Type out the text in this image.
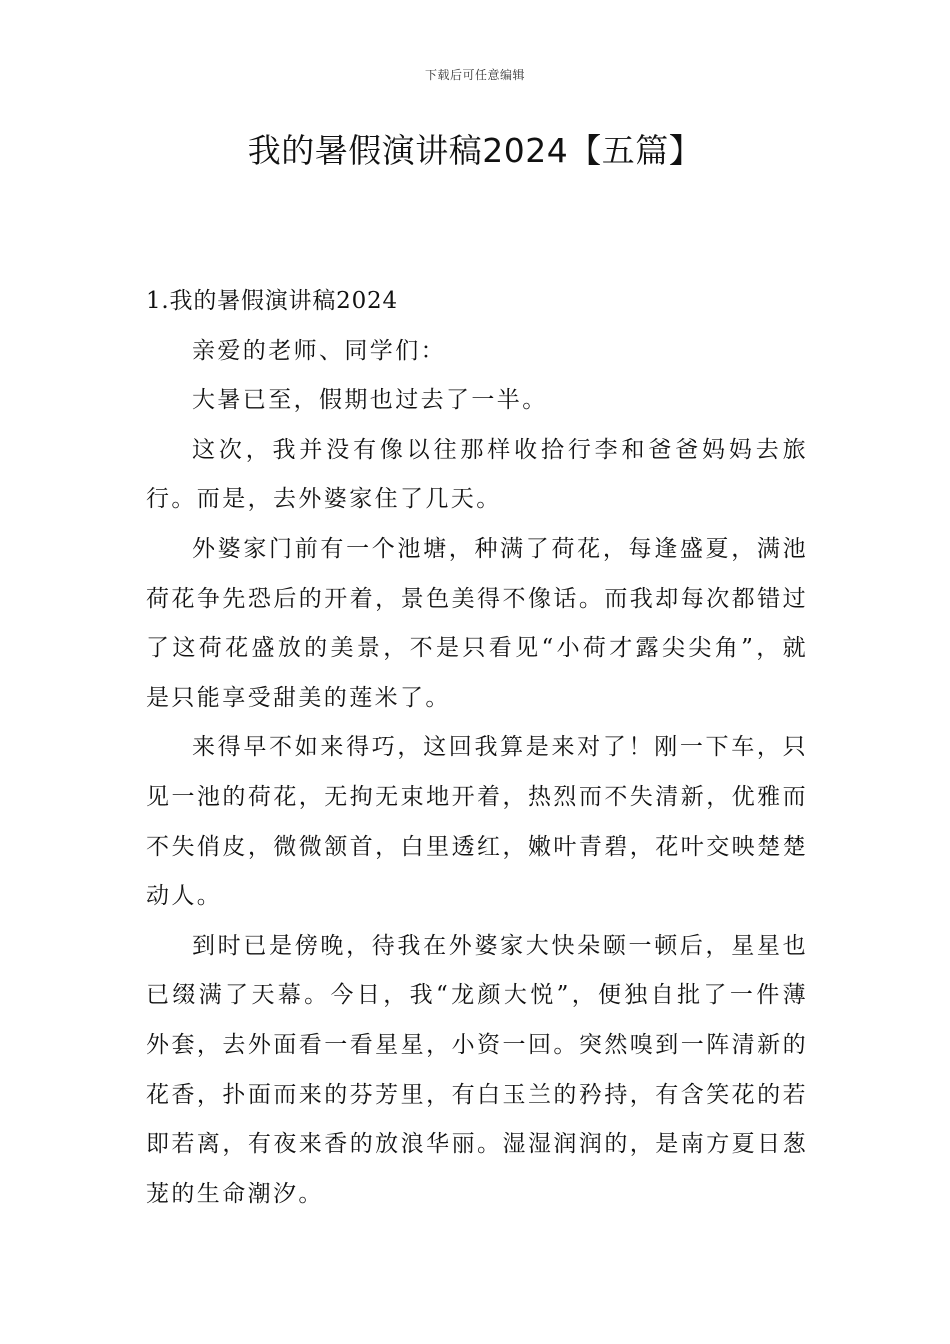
下载后可任意编辑
我的暑假演讲稿2024【五篇】

1.我的暑假演讲稿2024

亲爱的老师、同学们：

大暑已至，假期也过去了一半。

这次，我并没有像以往那样收拾行李和爸爸妈妈去旅行。而是，去外婆家住了几天。

外婆家门前有一个池塘，种满了荷花，每逢盛夏，满池荷花争先恐后的开着，景色美得不像话。而我却每次都错过了这荷花盛放的美景，不是只看见“小荷才露尖尖角”，就是只能享受甜美的莲米了。

来得早不如来得巧，这回我算是来对了！刚一下车，只见一池的荷花，无拘无束地开着，热烈而不失清新，优雅而不失俏皮，微微颔首，白里透红，嫩叶青碧，花叶交映楚楚动人。

到时已是傍晚，待我在外婆家大快朵颐一顿后，星星也已缀满了天幕。今日，我“龙颜大悦”，便独自批了一件薄外套，去外面看一看星星，小资一回。突然嗅到一阵清新的花香，扑面而来的芬芳里，有白玉兰的矜持，有含笑花的若即若离，有夜来香的放浪华丽。湿湿润润的，是南方夏日葱茏的生命潮汐。
